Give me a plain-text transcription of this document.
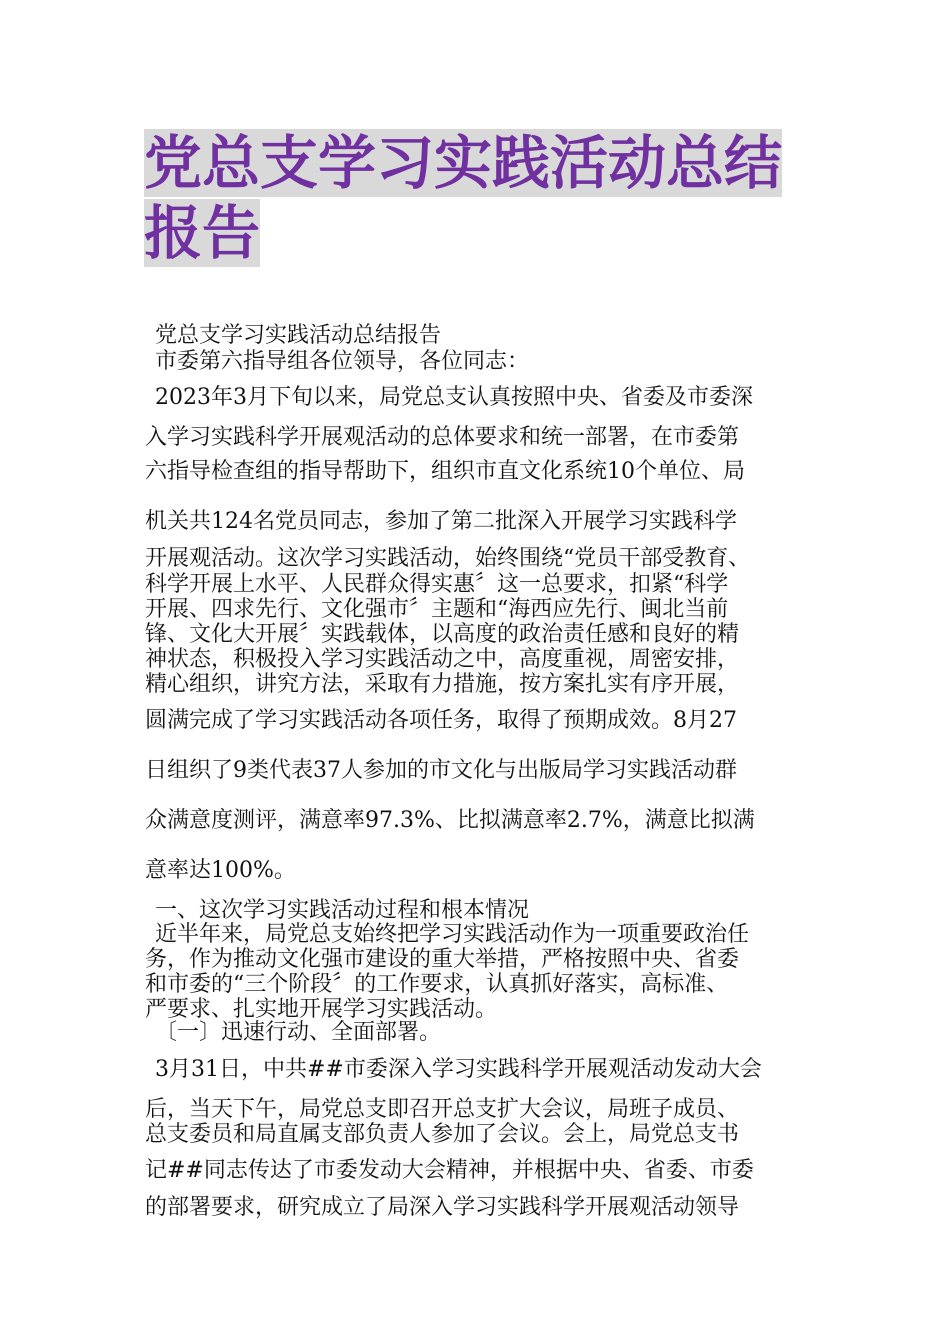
党总支学习实践活动总结
报告
党总支学习实践活动总结报告
市委第六指导组各位领导，各位同志：
2023年3月下旬以来，局党总支认真按照中央、省委及市委深
入学习实践科学开展观活动的总体要求和统一部署，在市委第
六指导检查组的指导帮助下，组织市直文化系统10个单位、局
机关共124名党员同志，参加了第二批深入开展学习实践科学
开展观活动。这次学习实践活动，始终围绕“党员干部受教育、
科学开展上水平、人民群众得实惠〞这一总要求，扣紧“科学
开展、四求先行、文化强市〞主题和“海西应先行、闽北当前
锋、文化大开展〞实践载体，以高度的政治责任感和良好的精
神状态，积极投入学习实践活动之中，高度重视，周密安排，
精心组织，讲究方法，采取有力措施，按方案扎实有序开展，
圆满完成了学习实践活动各项任务，取得了预期成效。8月27
日组织了9类代表37人参加的市文化与出版局学习实践活动群
众满意度测评，满意率97.3%、比拟满意率2.7%，满意比拟满
意率达100%。
一、这次学习实践活动过程和根本情况
近半年来，局党总支始终把学习实践活动作为一项重要政治任
务，作为推动文化强市建设的重大举措，严格按照中央、省委
和市委的“三个阶段〞的工作要求，认真抓好落实，高标准、
严要求、扎实地开展学习实践活动。
〔一〕迅速行动、全面部署。
3月31日，中共##市委深入学习实践科学开展观活动发动大会
后，当天下午，局党总支即召开总支扩大会议，局班子成员、
总支委员和局直属支部负责人参加了会议。会上，局党总支书
记##同志传达了市委发动大会精神，并根据中央、省委、市委
的部署要求，研究成立了局深入学习实践科学开展观活动领导
